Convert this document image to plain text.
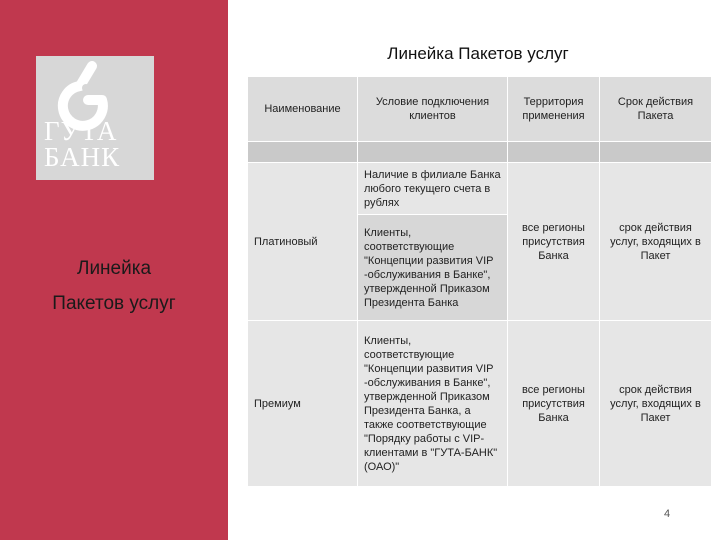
ГУТА
БАНК
Линейка
Пакетов услуг
Линейка Пакетов услуг
Наименование	Условие подключения клиентов	Территория применения	Срок действия Пакета

Платиновый	Наличие в филиале Банка любого текущего счета в рублях	все регионы присутствия Банка	срок действия услуг, входящих в Пакет
	Клиенты, соответствующие "Концепции развития VIP -обслуживания в Банке", утвержденной Приказом Президента Банка		
Премиум	Клиенты, соответствующие "Концепции развития VIP -обслуживания в Банке", утвержденной Приказом Президента Банка, а также соответствующие "Порядку работы с VIP-клиентами в "ГУТА-БАНК" (ОАО)"	все регионы присутствия Банка	срок действия услуг, входящих в Пакет
4
